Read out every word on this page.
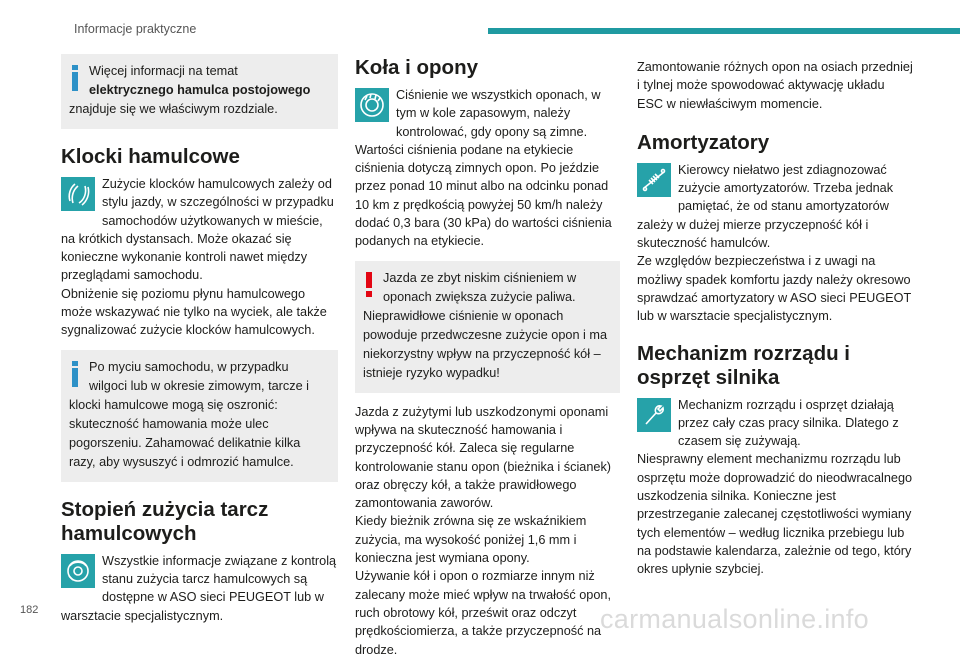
Informacje praktyczne

Więcej informacji na temat

elektrycznego hamulca postojowego

znajduje się we właściwym rozdziale.

Klocki hamulcowe

Zużycie klocków hamulcowych zależy od stylu jazdy, w szczególności w przypadku samochodów użytkowanych w mieście, na krótkich dystansach. Może okazać się konieczne wykonanie kontroli nawet między przeglądami samochodu.

Obniżenie się poziomu płynu hamulcowego może wskazywać nie tylko na wyciek, ale także sygnalizować zużycie klocków hamulcowych.

Po myciu samochodu, w przypadku wilgoci lub w okresie zimowym, tarcze i klocki hamulcowe mogą się oszronić: skuteczność hamowania może ulec pogorszeniu. Zahamować delikatnie kilka razy, aby wysuszyć i odmrozić hamulce.

Stopień zużycia tarcz
hamulcowych

Wszystkie informacje związane z kontrolą stanu zużycia tarcz hamulcowych są dostępne w ASO sieci PEUGEOT lub w warsztacie specjalistycznym.

Koła i opony

Ciśnienie we wszystkich oponach, w tym w kole zapasowym, należy kontrolować, gdy opony są zimne.

Wartości ciśnienia podane na etykiecie ciśnienia dotyczą zimnych opon. Po jeździe przez ponad 10 minut albo na odcinku ponad 10 km z prędkością powyżej 50 km/h należy dodać 0,3 bara (30 kPa) do wartości ciśnienia podanych na etykiecie.

Jazda ze zbyt niskim ciśnieniem w oponach zwiększa zużycie paliwa. Nieprawidłowe ciśnienie w oponach powoduje przedwczesne zużycie opon i ma niekorzystny wpływ na przyczepność kół – istnieje ryzyko wypadku!

Jazda z zużytymi lub uszkodzonymi oponami wpływa na skuteczność hamowania i przyczepność kół. Zaleca się regularne kontrolowanie stanu opon (bieżnika i ścianek) oraz obręczy kół, a także prawidłowego zamontowania zaworów.

Kiedy bieżnik zrówna się ze wskaźnikiem zużycia, ma wysokość poniżej 1,6 mm i konieczna jest wymiana opony.

Używanie kół i opon o rozmiarze innym niż zalecany może mieć wpływ na trwałość opon, ruch obrotowy kół, prześwit oraz odczyt prędkościomierza, a także przyczepność na drodze.

Zamontowanie różnych opon na osiach przedniej i tylnej może spowodować aktywację układu ESC w niewłaściwym momencie.

Amortyzatory

Kierowcy niełatwo jest zdiagnozować zużycie amortyzatorów. Trzeba jednak pamiętać, że od stanu amortyzatorów zależy w dużej mierze przyczepność kół i skuteczność hamulców.

Ze względów bezpieczeństwa i z uwagi na możliwy spadek komfortu jazdy należy okresowo sprawdzać amortyzatory w ASO sieci PEUGEOT lub w warsztacie specjalistycznym.

Mechanizm rozrządu i
osprzęt silnika

Mechanizm rozrządu i osprzęt działają przez cały czas pracy silnika. Dlatego z czasem się zużywają.

Niesprawny element mechanizmu rozrządu lub osprzętu może doprowadzić do nieodwracalnego uszkodzenia silnika. Konieczne jest przestrzeganie zalecanej częstotliwości wymiany tych elementów – według licznika przebiegu lub na podstawie kalendarza, zależnie od tego, który okres upłynie szybciej.

182	carmanualsonline.info
